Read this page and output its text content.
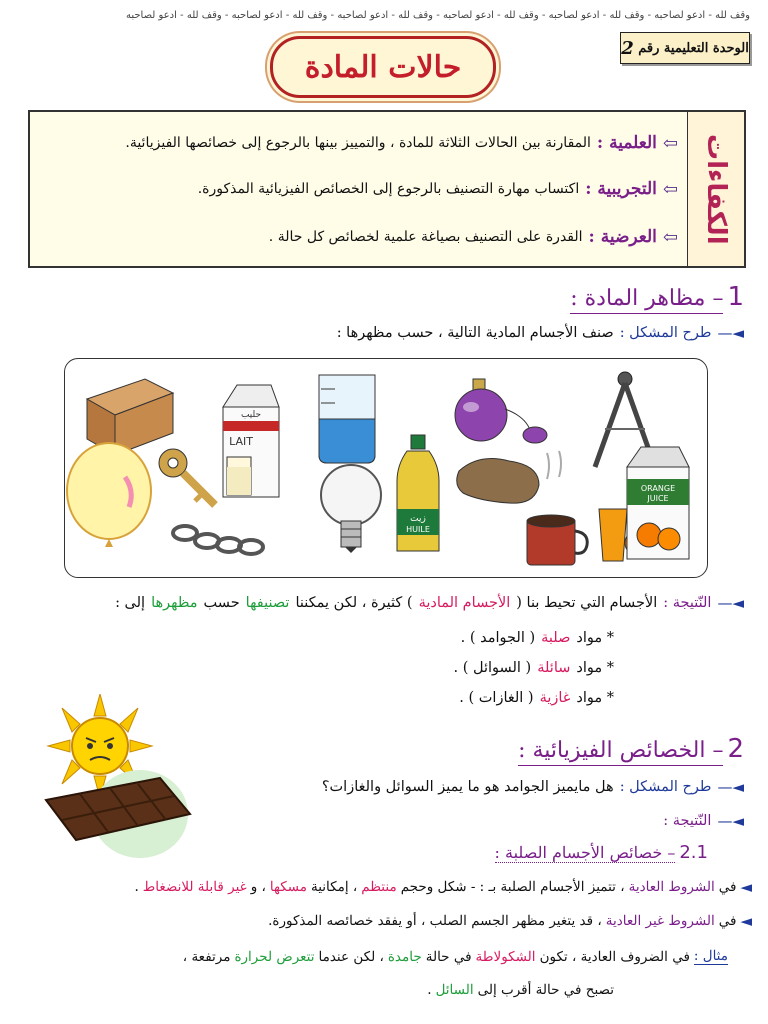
وقف لله - ادعو لصاحبه - وقف لله - ادعو لصاحبه - وقف لله - ادعو لصاحبه - وقف لله - ادعو لصاحبه - وقف لله - ادعو لصاحبه - وقف لله - ادعو لصاحبه
الوحدة التعليمية رقم

2
حالات المادة
الكفاءات
⇦
العلمية :
المقارنة بين الحالات الثلاثة للمادة ، والتمييز بينها بالرجوع إلى خصائصها الفيزيائية.
⇦
التجريبية :
اكتساب مهارة التصنيف بالرجوع إلى الخصائص الفيزيائية المذكورة.
⇦
العرضية :
القدرة على التصنيف بصياغة علمية لخصائص كل حالة .
1
– مظاهر المادة :
◄—
طرح المشكل :
صنف الأجسام المادية التالية ، حسب مظهرها :
حليب
LAIT
زيت
HUILE
ORANGE
JUICE
◄—
النّتيجة :
الأجسام التي تحيط بنا (
الأجسام المادية
) كثيرة ، لكن يمكننا
تصنيفها
حسب
مظهرها
إلى :
* مواد
صلبة
( الجوامد ) .
* مواد
سائلة
( السوائل ) .
* مواد
غازية
( الغازات ) .
2
– الخصائص الفيزيائية :
◄—
طرح المشكل :
هل مايميز الجوامد هو ما يميز السوائل والغازات؟
◄—
النّتيجة :
2.1
– خصائص الأجسام الصلبة :
◄
في
الشروط العادية
، تتميز الأجسام الصلبة بـ : - شكل وحجم
منتظم
، إمكانية
مسكها
، و
غير قابلة للانضغاط
.
◄
في
الشروط غير العادية
، قد يتغير مظهر الجسم الصلب ، أو يفقد خصائصه المذكورة.
مثال :
في الضروف العادية ، تكون
الشكولاطة
في حالة
جامدة
، لكن عندما
تتعرض لحرارة
مرتفعة ،
تصبح في حالة أقرب إلى
السائل
.
